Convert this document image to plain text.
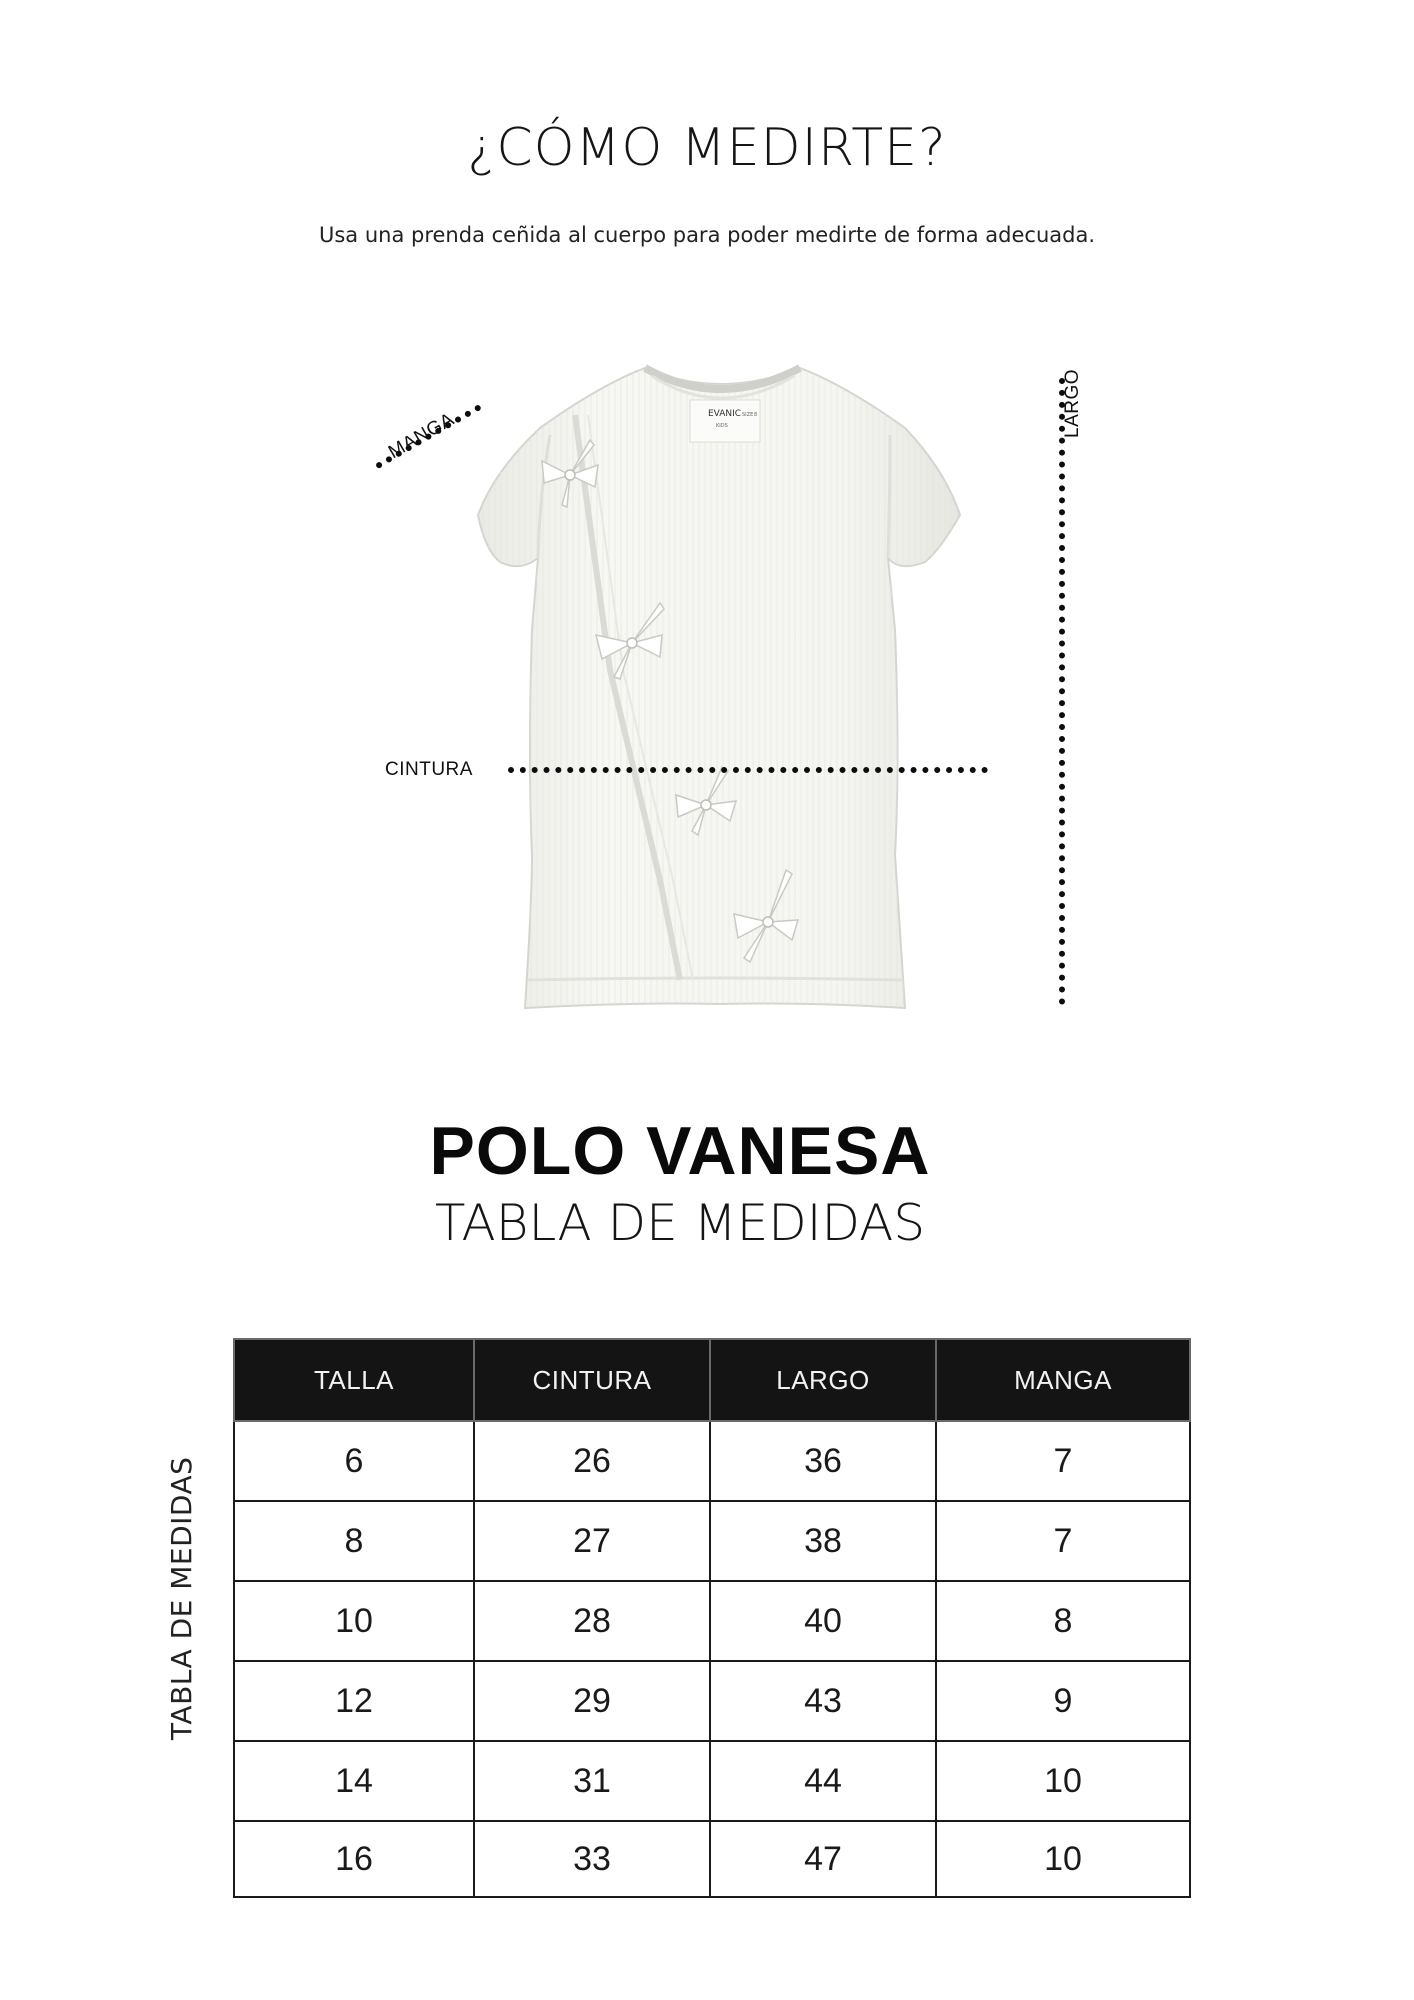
¿CÓMO MEDIRTE?
Usa una prenda ceñida al cuerpo para poder medirte de forma adecuada.
EVANIC
KIDS
SIZE 8
MANGA	LARGO
CINTURA
POLO VANESA
TABLA DE MEDIDAS
TABLA DE MEDIDAS
TALLA	CINTURA	LARGO	MANGA
6	26	36	7
8	27	38	7
10	28	40	8
12	29	43	9
14	31	44	10
16	33	47	10
